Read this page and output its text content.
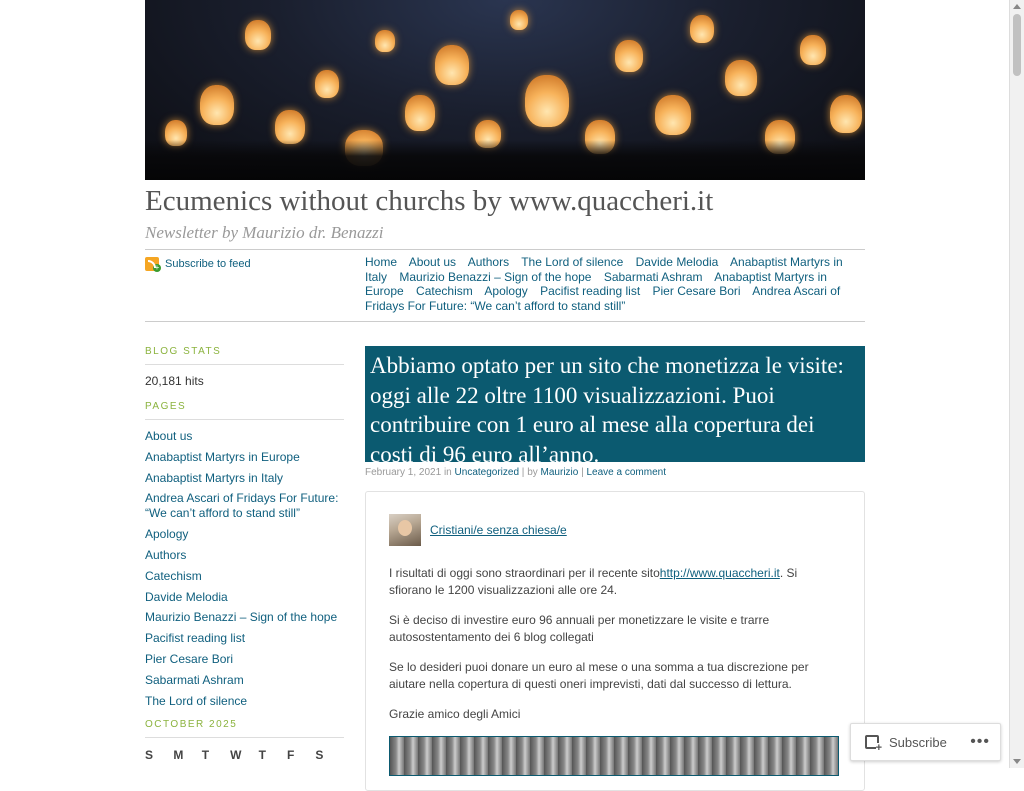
Ecumenics without churchs by www.quaccheri.it
Newsletter by Maurizio dr. Benazzi
+ Subscribe to feed	Home About us Authors The Lord of silence Davide Melodia Anabaptist Martyrs in Italy Maurizio Benazzi – Sign of the hope Sabarmati Ashram Anabaptist Martyrs in Europe Catechism Apology Pacifist reading list Pier Cesare Bori Andrea Ascari of Fridays For Future: “We can’t afford to stand still”
BLOG STATS
20,181 hits
PAGES
About us
Anabaptist Martyrs in Europe
Anabaptist Martyrs in Italy
Andrea Ascari of Fridays For Future: “We can’t afford to stand still”
Apology
Authors
Catechism
Davide Melodia
Maurizio Benazzi – Sign of the hope
Pacifist reading list
Pier Cesare Bori
Sabarmati Ashram
The Lord of silence
OCTOBER 2025
S	M	T	W	T	F	S
Abbiamo optato per un sito che monetizza le visite: oggi alle 22 oltre 1100 visualizzazioni. Puoi contribuire con 1 euro al mese alla copertura dei costi di 96 euro all’anno.
February 1, 2021 in Uncategorized | by Maurizio | Leave a comment
Cristiani/e senza chiesa/e

I risultati di oggi sono straordinari per il recente sitohttp://www.quaccheri.it. Si sfiorano le 1200 visualizzazioni alle ore 24.

Si è deciso di investire euro 96 annuali per monetizzare le visite e trarre autosostentamento dei 6 blog collegati

Se lo desideri puoi donare un euro al mese o una somma a tua discrezione per aiutare nella copertura di questi oneri imprevisti, dati dal successo di lettura.

Grazie amico degli Amici

+
Subscribe •••
